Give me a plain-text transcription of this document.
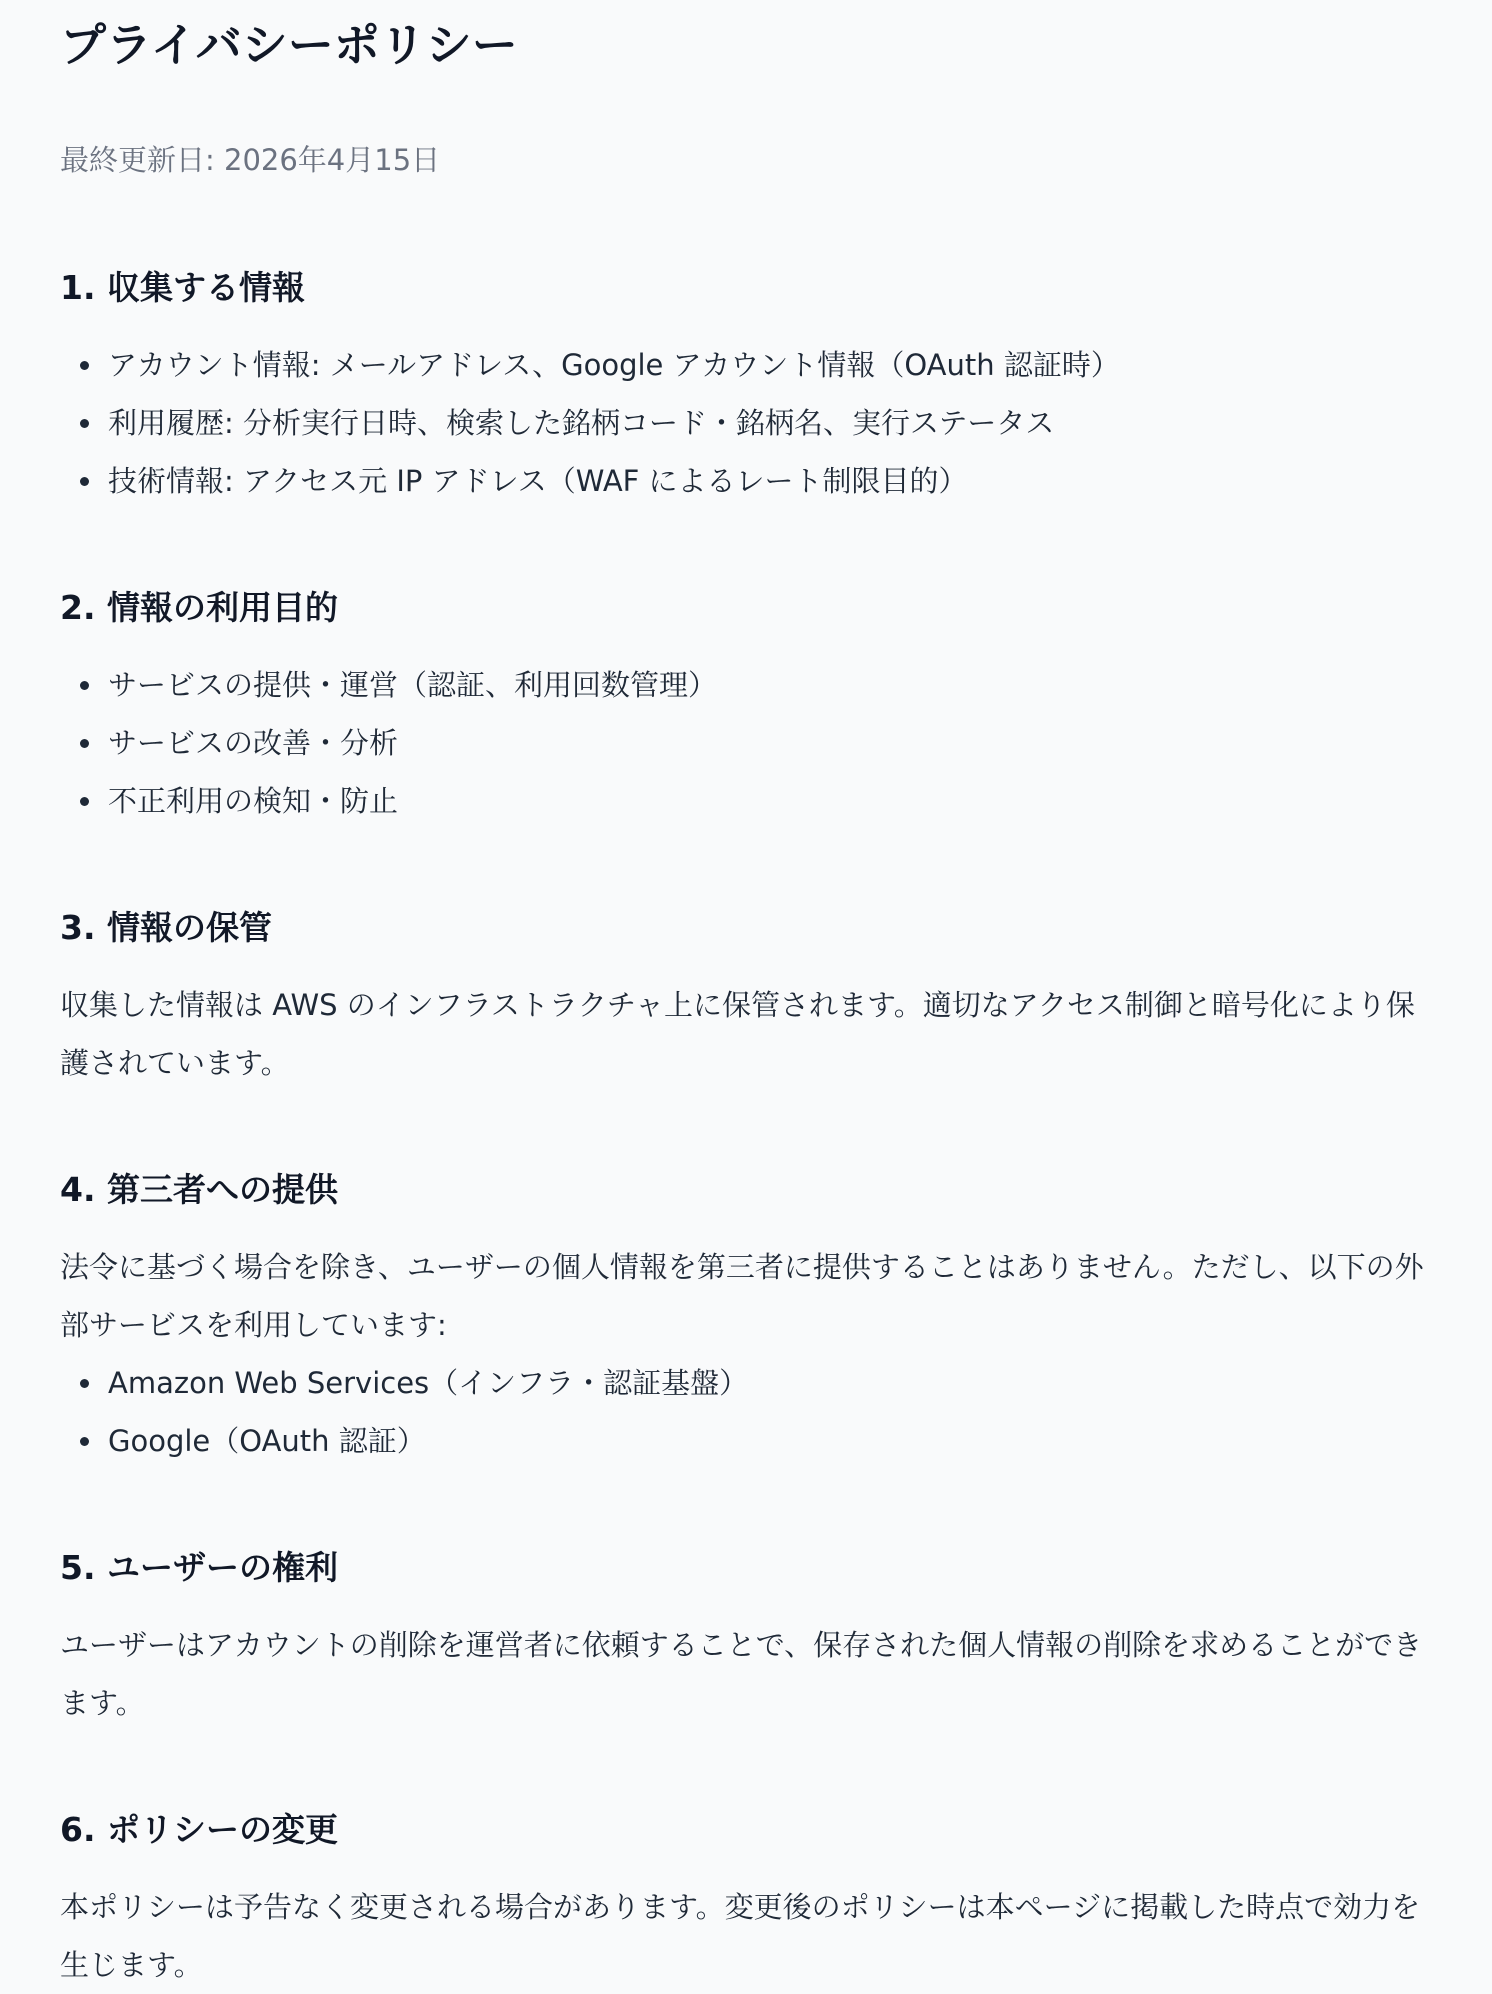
プライバシーポリシー
最終更新日: 2026年4月15日
1. 収集する情報
アカウント情報: メールアドレス、Google アカウント情報（OAuth 認証時）
利用履歴: 分析実行日時、検索した銘柄コード・銘柄名、実行ステータス
技術情報: アクセス元 IP アドレス（WAF によるレート制限目的）
2. 情報の利用目的
サービスの提供・運営（認証、利用回数管理）
サービスの改善・分析
不正利用の検知・防止
3. 情報の保管

収集した情報は AWS のインフラストラクチャ上に保管されます。適切なアクセス制御と暗号化により保護されています。

4. 第三者への提供

法令に基づく場合を除き、ユーザーの個人情報を第三者に提供することはありません。ただし、以下の外部サービスを利用しています:

Amazon Web Services（インフラ・認証基盤）
Google（OAuth 認証）
5. ユーザーの権利

ユーザーはアカウントの削除を運営者に依頼することで、保存された個人情報の削除を求めることができます。

6. ポリシーの変更

本ポリシーは予告なく変更される場合があります。変更後のポリシーは本ページに掲載した時点で効力を生じます。
